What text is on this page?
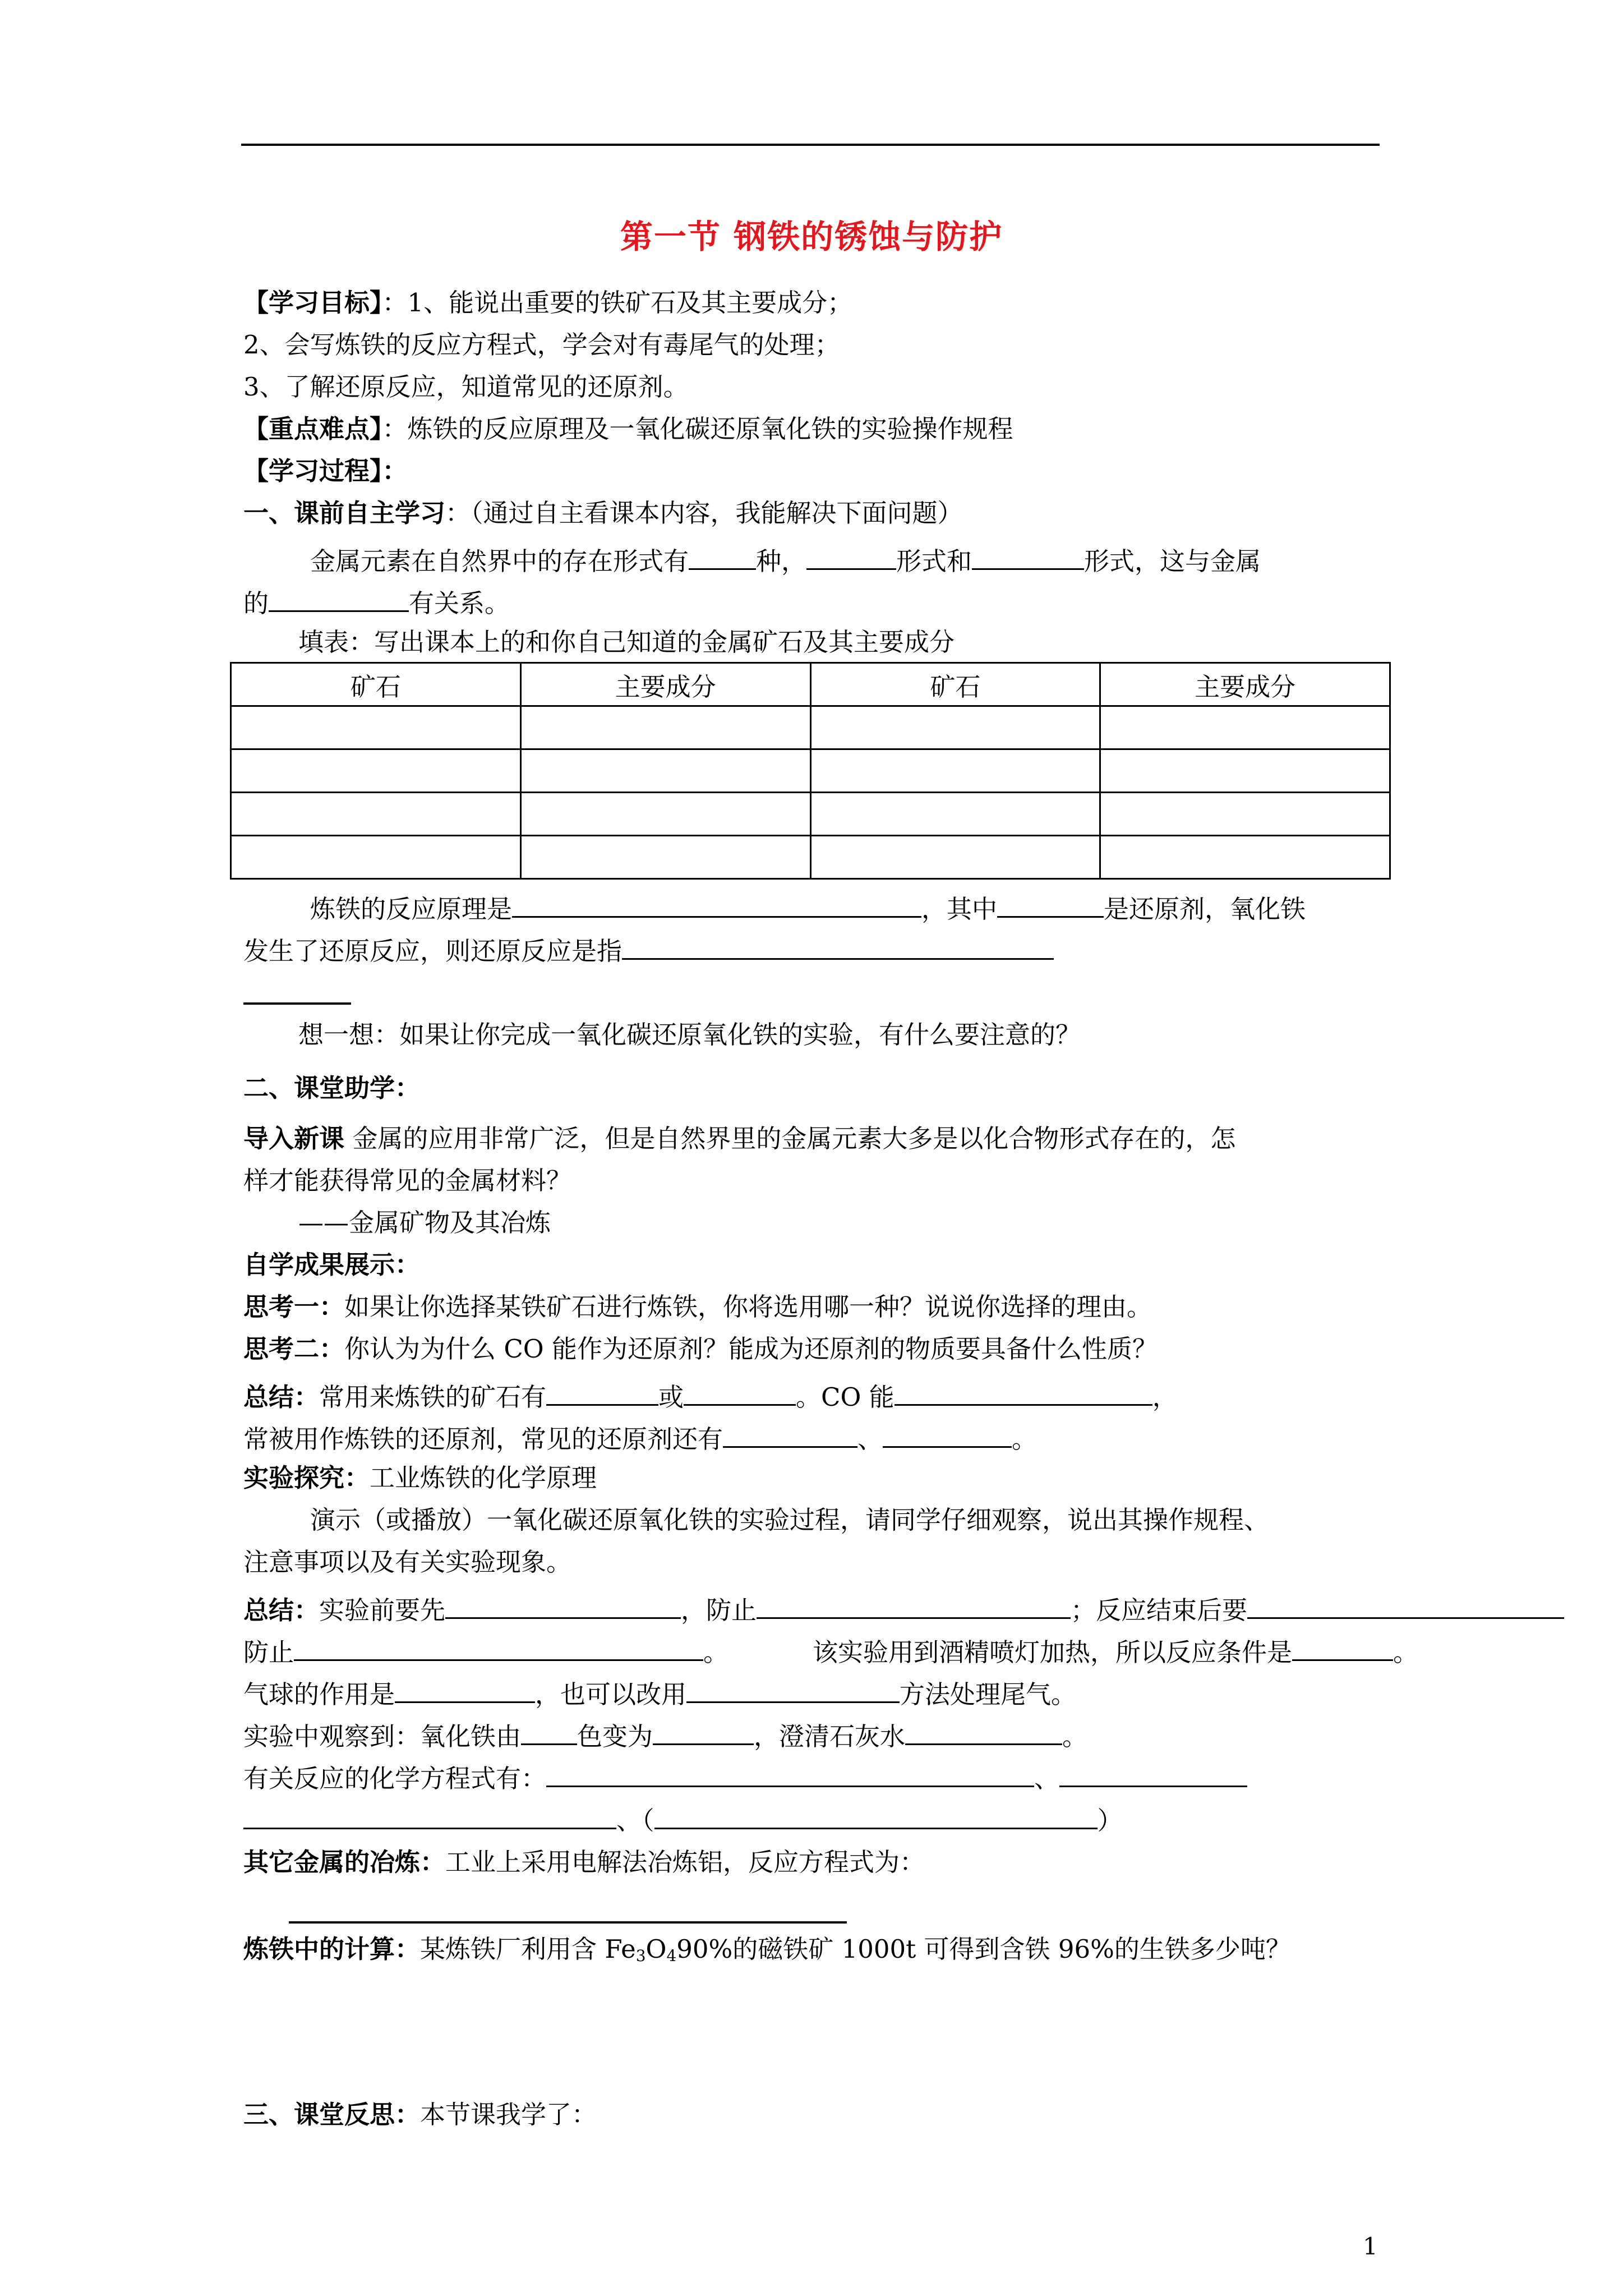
第一节 钢铁的锈蚀与防护
【学习目标】：1、能说出重要的铁矿石及其主要成分；
2、会写炼铁的反应方程式，学会对有毒尾气的处理；
3、了解还原反应，知道常见的还原剂。
【重点难点】：炼铁的反应原理及一氧化碳还原氧化铁的实验操作规程
【学习过程】：
一、课前自主学习：（通过自主看课本内容，我能解决下面问题）
金属元素在自然界中的存在形式有	种，	形式和	形式，这与金属
的	有关系。
填表：写出课本上的和你自己知道的金属矿石及其主要成分
矿石	主要成分	矿石	主要成分

炼铁的反应原理是	，其中	是还原剂，氧化铁
发生了还原反应，则还原反应是指
想一想：如果让你完成一氧化碳还原氧化铁的实验，有什么要注意的？
二、课堂助学：
导入新课 金属的应用非常广泛，但是自然界里的金属元素大多是以化合物形式存在的，怎
样才能获得常见的金属材料？
——金属矿物及其冶炼
自学成果展示：
思考一：如果让你选择某铁矿石进行炼铁，你将选用哪一种？说说你选择的理由。
思考二：你认为为什么 CO 能作为还原剂？能成为还原剂的物质要具备什么性质？
总结：常用来炼铁的矿石有	或	。CO 能	，
常被用作炼铁的还原剂，常见的还原剂还有	、	。
实验探究：工业炼铁的化学原理
演示（或播放）一氧化碳还原氧化铁的实验过程，请同学仔细观察，说出其操作规程、
注意事项以及有关实验现象。
总结：实验前要先	，防止	；反应结束后要
防止	。	该实验用到酒精喷灯加热，所以反应条件是	。
气球的作用是	，也可以改用	方法处理尾气。
实验中观察到：氧化铁由 色变为	，澄清石灰水	。
有关反应的化学方程式有：	、
、（	）
其它金属的冶炼：工业上采用电解法冶炼铝，反应方程式为：
炼铁中的计算：某炼铁厂利用含 $Fe_3O_490\%$的磁铁矿 1000t 可得到含铁 96%的生铁多少吨？
三、课堂反思：本节课我学了：
1
